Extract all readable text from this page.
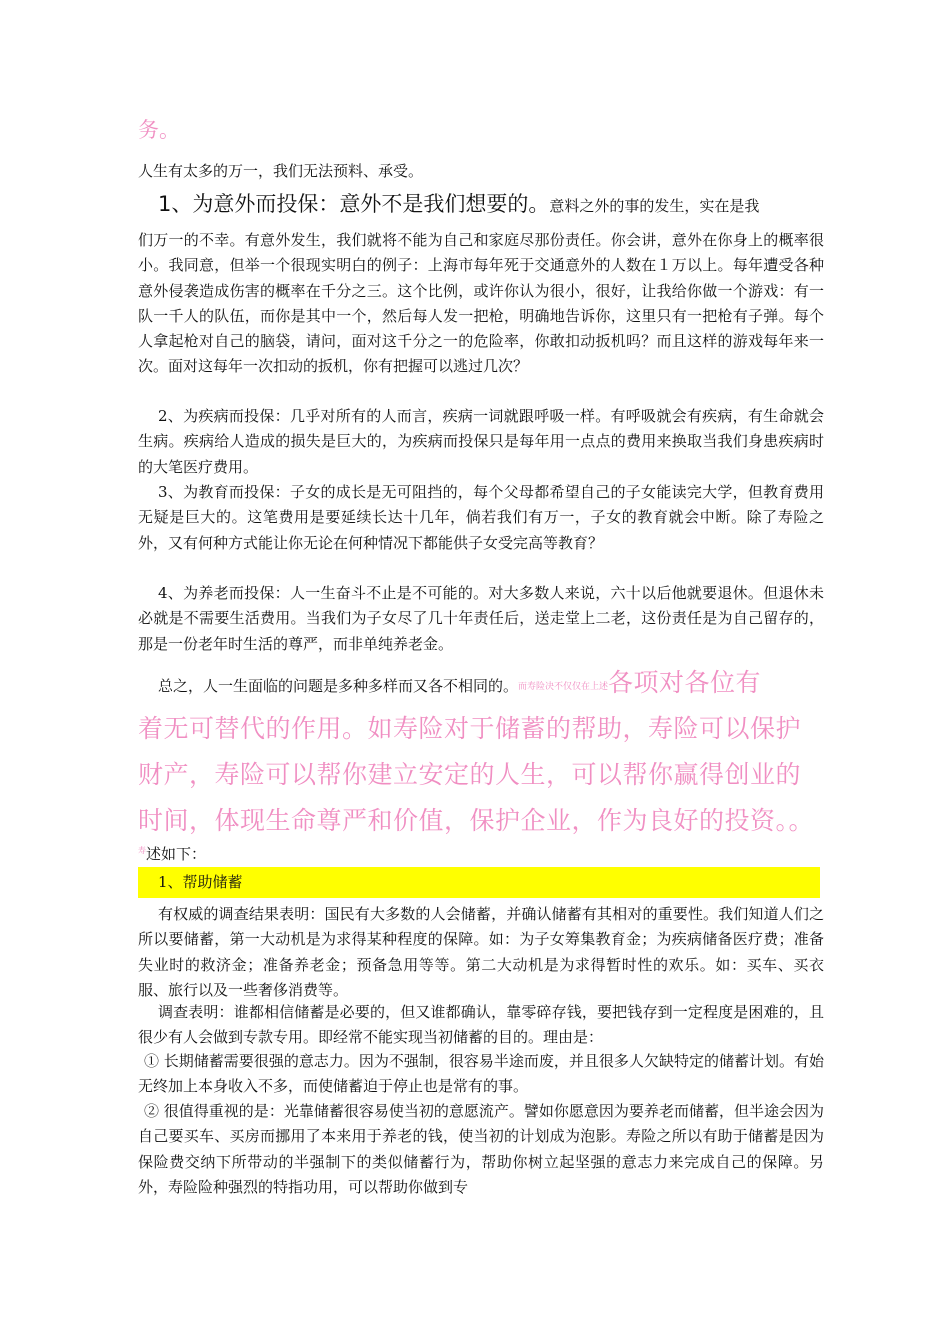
务。
人生有太多的万一，我们无法预料、承受。
1、为意外而投保：意外不是我们想要的。意料之外的事的发生，实在是我
们万一的不幸。有意外发生，我们就将不能为自己和家庭尽那份责任。你会讲，意外在你身上的概率很小。我同意，但举一个很现实明白的例子：上海市每年死于交通意外的人数在１万以上。每年遭受各种意外侵袭造成伤害的概率在千分之三。这个比例，或许你认为很小，很好，让我给你做一个游戏：有一队一千人的队伍，而你是其中一个，然后每人发一把枪，明确地告诉你，这里只有一把枪有子弹。每个人拿起枪对自己的脑袋，请问，面对这千分之一的危险率，你敢扣动扳机吗？而且这样的游戏每年来一次。面对这每年一次扣动的扳机，你有把握可以逃过几次？
2、为疾病而投保：几乎对所有的人而言，疾病一词就跟呼吸一样。有呼吸就会有疾病，有生命就会生病。疾病给人造成的损失是巨大的，为疾病而投保只是每年用一点点的费用来换取当我们身患疾病时的大笔医疗费用。
3、为教育而投保：子女的成长是无可阻挡的，每个父母都希望自己的子女能读完大学，但教育费用无疑是巨大的。这笔费用是要延续长达十几年，倘若我们有万一，子女的教育就会中断。除了寿险之外，又有何种方式能让你无论在何种情况下都能供子女受完高等教育？
4、为养老而投保：人一生奋斗不止是不可能的。对大多数人来说，六十以后他就要退休。但退休未必就是不需要生活费用。当我们为子女尽了几十年责任后，送走堂上二老，这份责任是为自己留存的，那是一份老年时生活的尊严，而非单纯养老金。
总之，人一生面临的问题是多种多样而又各不相同的。而寿险决不仅仅在上述各项对各位有
着无可替代的作用。如寿险对于储蓄的帮助，寿险可以保护财产，寿险可以帮你建立安定的人生，可以帮你赢得创业的时间，体现生命尊严和价值，保护企业，作为良好的投资。。
$^寿$述如下：
1、帮助储蓄
有权威的调查结果表明：国民有大多数的人会储蓄，并确认储蓄有其相对的重要性。我们知道人们之所以要储蓄，第一大动机是为求得某种程度的保障。如：为子女筹集教育金；为疾病储备医疗费；准备失业时的救济金；准备养老金；预备急用等等。第二大动机是为求得暂时性的欢乐。如：买车、买衣服、旅行以及一些奢侈消费等。
调查表明：谁都相信储蓄是必要的，但又谁都确认，靠零碎存钱，要把钱存到一定程度是困难的，且很少有人会做到专款专用。即经常不能实现当初储蓄的目的。理由是：
① 长期储蓄需要很强的意志力。因为不强制，很容易半途而废，并且很多人欠缺特定的储蓄计划。有始无终加上本身收入不多，而使储蓄迫于停止也是常有的事。
② 很值得重视的是：光靠储蓄很容易使当初的意愿流产。譬如你愿意因为要养老而储蓄，但半途会因为自己要买车、买房而挪用了本来用于养老的钱，使当初的计划成为泡影。寿险之所以有助于储蓄是因为保险费交纳下所带动的半强制下的类似储蓄行为，帮助你树立起坚强的意志力来完成自己的保障。另外，寿险险种强烈的特指功用，可以帮助你做到专
